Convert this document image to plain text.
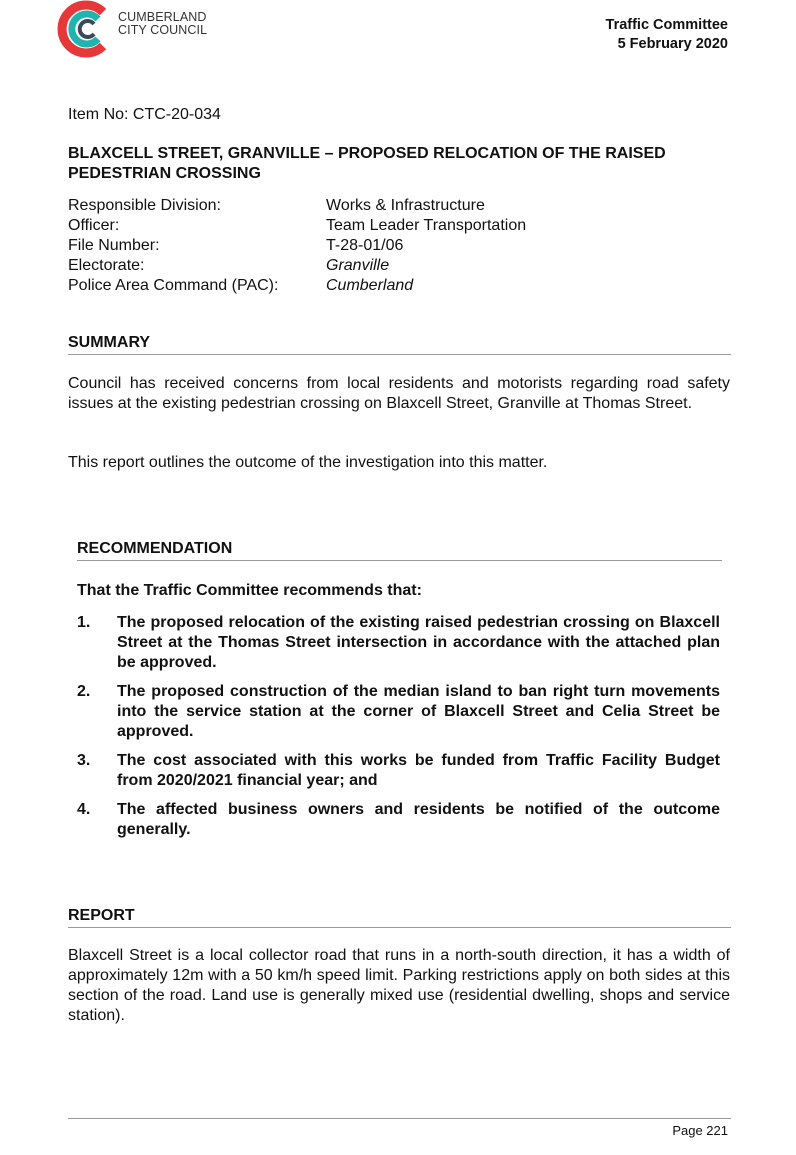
CUMBERLAND
CITY COUNCIL	Traffic Committee
5 February 2020
Item No: CTC-20-034
BLAXCELL STREET, GRANVILLE – PROPOSED RELOCATION OF THE RAISED PEDESTRIAN CROSSING
Responsible Division:	Works & Infrastructure
Officer:	Team Leader Transportation
File Number:	T-28-01/06
Electorate:	Granville
Police Area Command (PAC):	Cumberland
SUMMARY
Council has received concerns from local residents and motorists regarding road safety issues at the existing pedestrian crossing on Blaxcell Street, Granville at Thomas Street.
This report outlines the outcome of the investigation into this matter.
RECOMMENDATION
That the Traffic Committee recommends that:
1.	The proposed relocation of the existing raised pedestrian crossing on Blaxcell Street at the Thomas Street intersection in accordance with the attached plan be approved.
2.	The proposed construction of the median island to ban right turn movements into the service station at the corner of Blaxcell Street and Celia Street be approved.
3.	The cost associated with this works be funded from Traffic Facility Budget from 2020/2021 financial year; and
4.	The affected business owners and residents be notified of the outcome generally.
REPORT
Blaxcell Street is a local collector road that runs in a north-south direction, it has a width of approximately 12m with a 50 km/h speed limit. Parking restrictions apply on both sides at this section of the road. Land use is generally mixed use (residential dwelling, shops and service station).
Page 221
